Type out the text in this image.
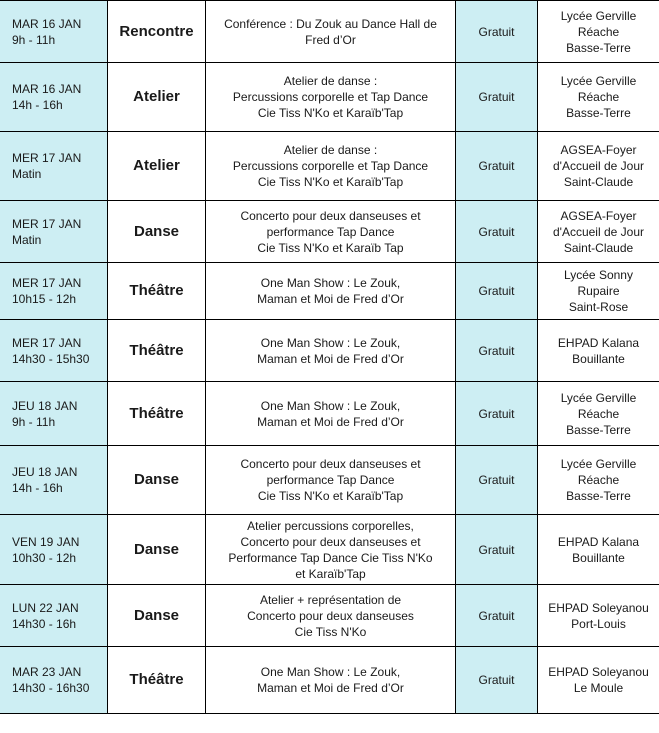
MAR 16 JAN
9h - 11h	Rencontre	Conférence : Du Zouk au Dance Hall de
Fred d’Or	Gratuit	Lycée Gerville
Réache
Basse-Terre

MAR 16 JAN
14h - 16h	Atelier	Atelier de danse :
Percussions corporelle et Tap Dance
Cie Tiss N'Ko et Karaïb'Tap	Gratuit	Lycée Gerville
Réache
Basse-Terre

MER 17 JAN
Matin	Atelier	Atelier de danse :
Percussions corporelle et Tap Dance
Cie Tiss N'Ko et Karaïb'Tap	Gratuit	AGSEA-Foyer
d'Accueil de Jour
Saint-Claude

MER 17 JAN
Matin	Danse	Concerto pour deux danseuses et
performance Tap Dance
Cie Tiss N'Ko et Karaïb Tap	Gratuit	AGSEA-Foyer
d'Accueil de Jour
Saint-Claude

MER 17 JAN
10h15 - 12h	Théâtre	One Man Show : Le Zouk,
Maman et Moi de Fred d’Or	Gratuit	Lycée Sonny Rupaire
Saint-Rose

MER 17 JAN
14h30 - 15h30	Théâtre	One Man Show : Le Zouk,
Maman et Moi de Fred d’Or	Gratuit	EHPAD Kalana
Bouillante

JEU 18 JAN
9h - 11h	Théâtre	One Man Show : Le Zouk,
Maman et Moi de Fred d’Or	Gratuit	Lycée Gerville
Réache
Basse-Terre

JEU 18 JAN
14h - 16h	Danse	Concerto pour deux danseuses et
performance Tap Dance
Cie Tiss N'Ko et Karaïb'Tap	Gratuit	Lycée Gerville
Réache
Basse-Terre

VEN 19 JAN
10h30 - 12h	Danse	Atelier percussions corporelles,
Concerto pour deux danseuses et
Performance Tap Dance Cie Tiss N'Ko
et Karaïb'Tap	Gratuit	EHPAD Kalana
Bouillante

LUN 22 JAN
14h30 - 16h	Danse	Atelier + représentation de
Concerto pour deux danseuses
Cie Tiss N'Ko	Gratuit	EHPAD Soleyanou
Port-Louis

MAR 23 JAN
14h30 - 16h30	Théâtre	One Man Show : Le Zouk,
Maman et Moi de Fred d’Or	Gratuit	EHPAD Soleyanou
Le Moule
